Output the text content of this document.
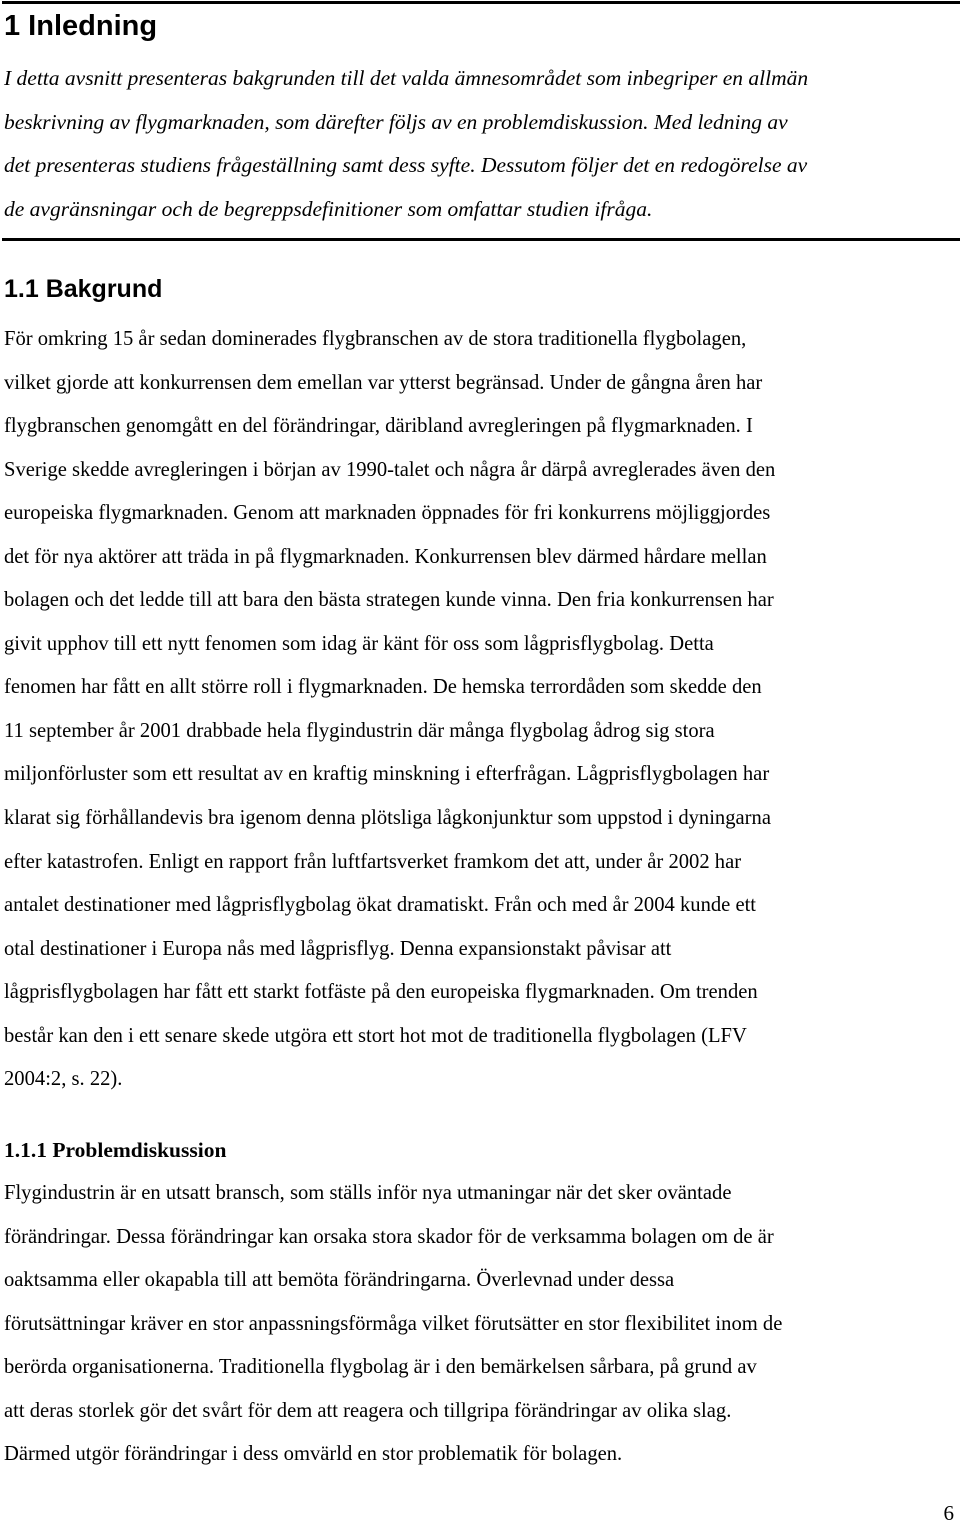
1 Inledning

I detta avsnitt presenteras bakgrunden till det valda ämnesområdet som inbegriper en allmän
beskrivning av flygmarknaden, som därefter följs av en problemdiskussion. Med ledning av
det presenteras studiens frågeställning samt dess syfte. Dessutom följer det en redogörelse av
de avgränsningar och de begreppsdefinitioner som omfattar studien ifråga.

1.1 Bakgrund

För omkring 15 år sedan dominerades flygbranschen av de stora traditionella flygbolagen,
vilket gjorde att konkurrensen dem emellan var ytterst begränsad. Under de gångna åren har
flygbranschen genomgått en del förändringar, däribland avregleringen på flygmarknaden. I
Sverige skedde avregleringen i början av 1990-talet och några år därpå avreglerades även den
europeiska flygmarknaden. Genom att marknaden öppnades för fri konkurrens möjliggjordes
det för nya aktörer att träda in på flygmarknaden. Konkurrensen blev därmed hårdare mellan
bolagen och det ledde till att bara den bästa strategen kunde vinna. Den fria konkurrensen har
givit upphov till ett nytt fenomen som idag är känt för oss som lågprisflygbolag. Detta
fenomen har fått en allt större roll i flygmarknaden. De hemska terrordåden som skedde den
11 september år 2001 drabbade hela flygindustrin där många flygbolag ådrog sig stora
miljonförluster som ett resultat av en kraftig minskning i efterfrågan. Lågprisflygbolagen har
klarat sig förhållandevis bra igenom denna plötsliga lågkonjunktur som uppstod i dyningarna
efter katastrofen. Enligt en rapport från luftfartsverket framkom det att, under år 2002 har
antalet destinationer med lågprisflygbolag ökat dramatiskt. Från och med år 2004 kunde ett
otal destinationer i Europa nås med lågprisflyg. Denna expansionstakt påvisar att
lågprisflygbolagen har fått ett starkt fotfäste på den europeiska flygmarknaden. Om trenden
består kan den i ett senare skede utgöra ett stort hot mot de traditionella flygbolagen (LFV
2004:2, s. 22).

1.1.1 Problemdiskussion

Flygindustrin är en utsatt bransch, som ställs inför nya utmaningar när det sker oväntade
förändringar. Dessa förändringar kan orsaka stora skador för de verksamma bolagen om de är
oaktsamma eller okapabla till att bemöta förändringarna. Överlevnad under dessa
förutsättningar kräver en stor anpassningsförmåga vilket förutsätter en stor flexibilitet inom de
berörda organisationerna. Traditionella flygbolag är i den bemärkelsen sårbara, på grund av
att deras storlek gör det svårt för dem att reagera och tillgripa förändringar av olika slag.
Därmed utgör förändringar i dess omvärld en stor problematik för bolagen.

6
